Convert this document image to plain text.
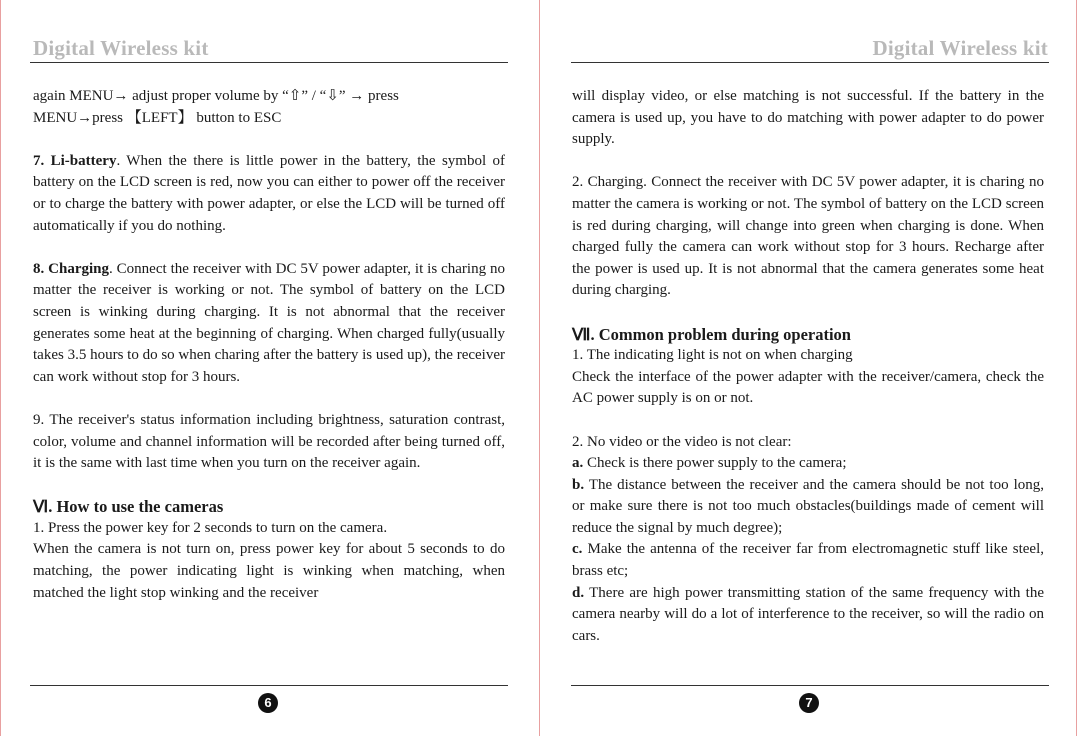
Digital Wireless kit

again MENU→ adjust proper volume by “⇧” / “⇩” → press

MENU→press 【LEFT】 button to ESC

7. Li-battery. When the there is little power in the battery, the symbol of battery on the LCD screen is red, now you can either to power off the receiver or to charge the battery with power adapter, or else the LCD will be turned off automatically if you do nothing.

8. Charging. Connect the receiver with DC 5V power adapter, it is charing no matter the receiver is working or not. The symbol of battery on the LCD screen is winking during charging. It is not abnormal that the receiver generates some heat at the beginning of charging. When charged fully(usually takes 3.5 hours to do so when charing after the battery is used up), the receiver can work without stop for 3 hours.

9. The receiver's status information including brightness, saturation contrast, color, volume and channel information will be recorded after being turned off, it is the same with last time when you turn on the receiver again.

Ⅵ. How to use the cameras

1. Press the power key for 2 seconds to turn on the camera.

When the camera is not turn on, press power key for about 5 seconds to do matching, the power indicating light is winking when matching, when matched the light stop winking and the receiver

6
Digital Wireless kit

will display video, or else matching is not successful. If the battery in the camera is used up, you have to do matching with power adapter to do power supply.

2. Charging. Connect the receiver with DC 5V power adapter, it is charing no matter the camera is working or not. The symbol of battery on the LCD screen is red during charging, will change into green when charging is done. When charged fully the camera can work without stop for 3 hours. Recharge after the power is used up. It is not abnormal that the camera generates some heat during charging.

Ⅶ. Common problem during operation

1. The indicating light is not on when charging

Check the interface of the power adapter with the receiver/camera, check the AC power supply is on or not.

2. No video or the video is not clear:

a. Check is there power supply to the camera;

b. The distance between the receiver and the camera should be not too long, or make sure there is not too much obstacles(buildings made of cement will reduce the signal by much degree);

c. Make the antenna of the receiver far from electromagnetic stuff like steel, brass etc;

d. There are high power transmitting station of the same frequency with the camera nearby will do a lot of interference to the receiver, so will the radio on cars.

7
